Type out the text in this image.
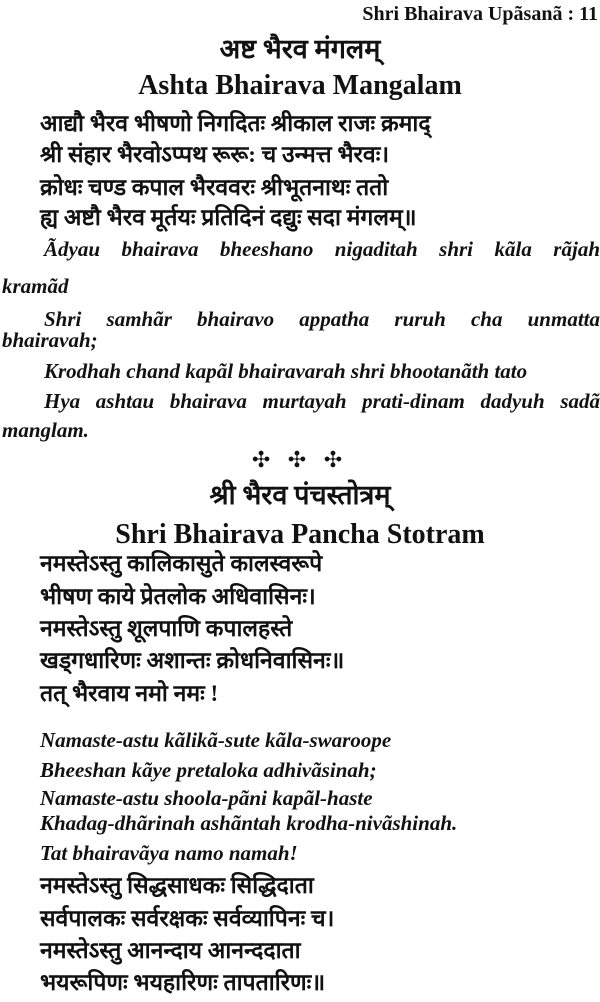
Shri Bhairava Upãsanã : 11
अष्ट भैरव मंगलम्
Ashta Bhairava Mangalam
आद्यौ भैरव भीषणो निगदितः श्रीकाल राजः क्रमाद्
श्री संहार भैरवोऽप्पथ रूरू: च उन्मत्त भैरवः।
क्रोधः चण्ड कपाल भैरववरः श्रीभूतनाथः ततो
ह्य अष्टौ भैरव मूर्तयः प्रतिदिनं दद्युः सदा मंगलम्॥
Ãdyau bhairava bheeshano nigaditah shri kãla rãjah
kramãd
Shri samhãr bhairavo appatha ruruh cha unmatta
bhairavah;
Krodhah chand kapãl bhairavarah shri bhootanãth tato
Hya ashtau bhairava murtayah prati-dinam dadyuh sadã
manglam.
✣ ✣ ✣
श्री भैरव पंचस्तोत्रम्
Shri Bhairava Pancha Stotram
नमस्तेऽस्तु कालिकासुते कालस्वरूपे
भीषण काये प्रेतलोक अधिवासिनः।
नमस्तेऽस्तु शूलपाणि कपालहस्ते
खड्गधारिणः अशान्तः क्रोधनिवासिनः॥
तत् भैरवाय नमो नमः !
Namaste-astu kãlikã-sute kãla-swaroope
Bheeshan kãye pretaloka adhivãsinah;
Namaste-astu shoola-pãni kapãl-haste
Khadag-dhãrinah ashãntah krodha-nivãshinah.
Tat bhairavãya namo namah!
नमस्तेऽस्तु सिद्धसाधकः सिद्धिदाता
सर्वपालकः सर्वरक्षकः सर्वव्यापिनः च।
नमस्तेऽस्तु आनन्दाय आनन्ददाता
भयरूपिणः भयहारिणः तापतारिणः॥
